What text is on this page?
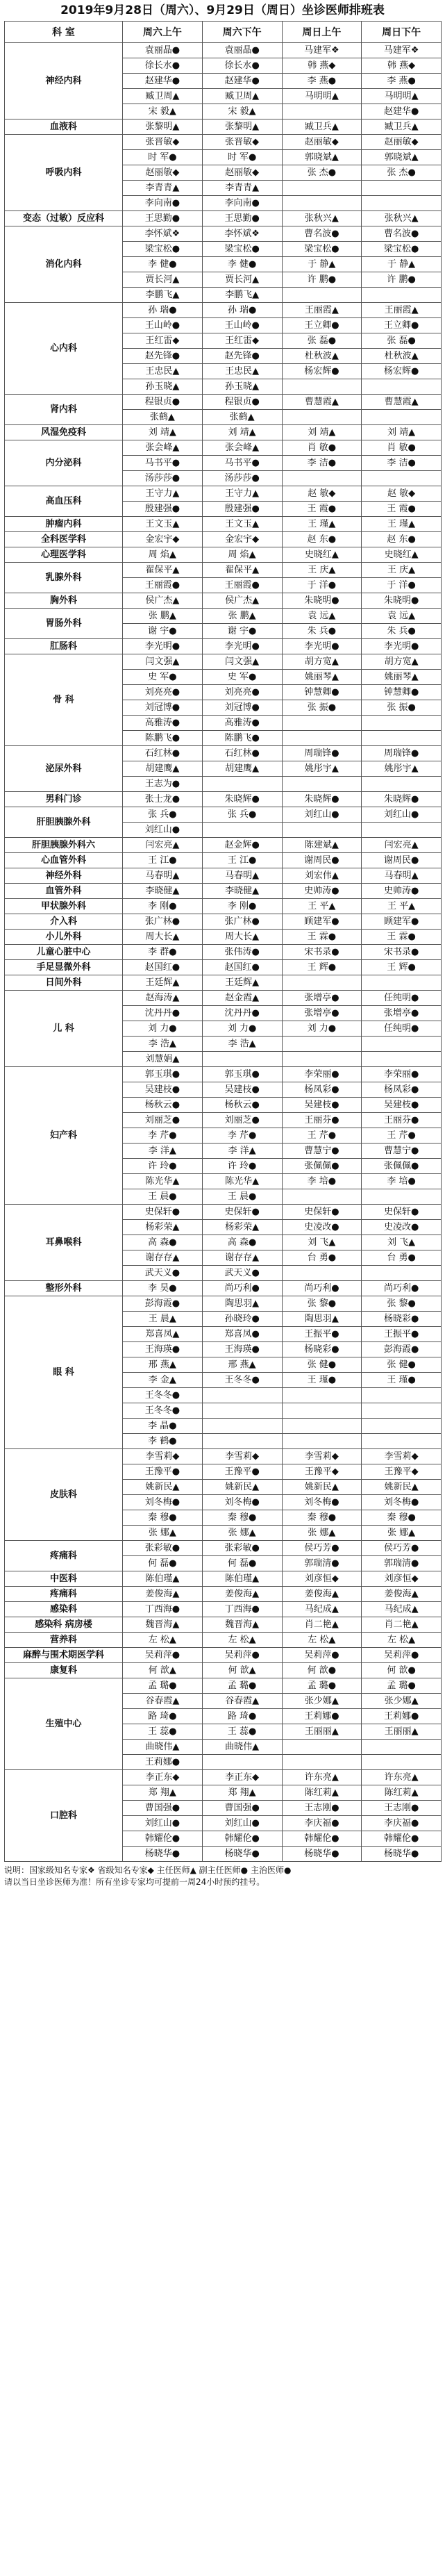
2019年9月28日（周六）、9月29日（周日）坐诊医师排班表
科 室	周六上午	周六下午	周日上午	周日下午
神经内科	袁丽晶●	袁丽晶●	马建军❖	马建军❖
	徐长水●	徐长水●	韩 燕◆	韩 燕◆
	赵建华●	赵建华●	李 燕●	李 燕●
	臧卫周▲	臧卫周▲	马明明▲	马明明▲
	宋 毅▲	宋 毅▲		赵建华●
血液科	张黎明▲	张黎明▲	臧卫兵▲	臧卫兵▲
呼吸内科	张晋敏◆	张晋敏◆	赵丽敏◆	赵丽敏◆
	时 军●	时 军●	郭晓斌▲	郭晓斌▲
	赵丽敏◆	赵丽敏◆	张 杰●	张 杰●
	李青青▲	李青青▲		
	李向南●	李向南●		
变态（过敏）反应科	王思勤●	王思勤●	张秋兴▲	张秋兴▲
消化内科	李怀斌❖	李怀斌❖	曹名波●	曹名波●
	梁宝松●	梁宝松●	梁宝松●	梁宝松●
	李 健●	李 健●	于 静▲	于 静▲
	贾长河▲	贾长河▲	许 鹏●	许 鹏●
	李鹏飞▲	李鹏飞▲		
心内科	孙 瑞●	孙 瑞●	王丽霞▲	王丽霞▲
	王山岭●	王山岭●	王立卿●	王立卿●
	王红雷◆	王红雷◆	张 磊●	张 磊●
	赵先锋●	赵先锋●	杜秋波▲	杜秋波▲
	王忠民▲	王忠民▲	杨宏辉●	杨宏辉●
	孙玉晓▲	孙玉晓▲		
肾内科	程银贞●	程银贞●	曹慧霞▲	曹慧霞▲
	张鹤▲	张鹤▲		
风湿免疫科	刘 靖▲	刘 靖▲	刘 靖▲	刘 靖▲
内分泌科	张会峰▲	张会峰▲	肖 敏●	肖 敏●
	马书平●	马书平●	李 洁●	李 洁●
	汤莎莎●	汤莎莎●		
高血压科	王守力▲	王守力▲	赵 敏◆	赵 敏◆
	殷建强●	殷建强●	王 霞●	王 霞●
肿瘤内科	王文玉▲	王文玉▲	王 瑾▲	王 瑾▲
全科医学科	金宏宇◆	金宏宇◆	赵 东●	赵 东●
心理医学科	周 焰▲	周 焰▲	史晓红▲	史晓红▲
乳腺外科	翟保平▲	翟保平▲	王 庆▲	王 庆▲
	王丽霞●	王丽霞●	于 洋●	于 洋●
胸外科	侯广杰▲	侯广杰▲	朱晓明●	朱晓明●
胃肠外科	张 鹏▲	张 鹏▲	袁 远▲	袁 远▲
	谢 宇●	谢 宇●	朱 兵●	朱 兵●
肛肠科	李光明●	李光明●	李光明●	李光明●
骨 科	闫文强▲	闫文强▲	胡方宽▲	胡方宽▲
	史 军●	史 军●	姚丽琴▲	姚丽琴▲
	刘亮亮●	刘亮亮●	钟慧卿●	钟慧卿●
	刘冠博●	刘冠博●	张 振●	张 振●
	高雅涛●	高雅涛●		
	陈鹏飞●	陈鹏飞●		
泌尿外科	石红林●	石红林●	周瑞锋●	周瑞锋●
	胡建鹰▲	胡建鹰▲	姚彤宇▲	姚彤宇▲
	王志为●			
男科门诊	张士龙●	朱晓辉●	朱晓辉●	朱晓辉●
肝胆胰腺外科	张 兵●	张 兵●	刘红山●	刘红山●
	刘红山●			
肝胆胰腺外科六	闫宏亮▲	赵金辉●	陈建斌▲	闫宏亮▲
心血管外科	王 江●	王 江●	谢周民●	谢周民●
神经外科	马春明▲	马春明▲	刘宏伟▲	马春明▲
血管外科	李晓健▲	李晓健▲	史帅涛●	史帅涛●
甲状腺外科	李 刚●	李 刚●	王 平▲	王 平▲
介入科	张广林●	张广林●	顾建军●	顾建军●
小儿外科	周大长▲	周大长▲	王 霖●	王 霖●
儿童心脏中心	李 群●	张伟涛●	宋书录●	宋书录●
手足显微外科	赵国红●	赵国红●	王 辉●	王 辉●
日间外科	王廷辉▲	王廷辉▲		
儿 科	赵海涛▲	赵金霞▲	张增亭●	任纯明●
	沈丹丹●	沈丹丹●	张增亭●	张增亭●
	刘 力●	刘 力●	刘 力●	任纯明●
	李 浩▲	李 浩▲		
	刘慧娟▲			
妇产科	郭玉琪●	郭玉琪●	李荣丽●	李荣丽●
	吴建枝●	吴建枝●	杨凤彩●	杨凤彩●
	杨秋云●	杨秋云●	吴建枝●	吴建枝●
	刘丽芝●	刘丽芝●	王丽芬●	王丽芬●
	李 芹●	李 芹●	王 芹●	王 芹●
	李 洋▲	李 洋▲	曹慧宁●	曹慧宁●
	许 玲●	许 玲●	张佩佩●	张佩佩●
	陈光华▲	陈光华▲	李 培●	李 培●
	王 晨●	王 晨●		
耳鼻喉科	史保轩●	史保轩●	史保轩●	史保轩●
	杨彩荣▲	杨彩荣▲	史凌改●	史凌改●
	高 森●	高 森●	刘 飞▲	刘 飞▲
	谢存存▲	谢存存▲	台 勇●	台 勇●
	武天义●	武天义●		
整形外科	李 昊●	尚巧利●	尚巧利●	尚巧利●
眼 科	彭海霞●	陶思羽▲	张 黎●	张 黎●
	王 晨▲	孙晓玲●	陶思羽▲	杨晓彩●
	郑喜凤▲	郑喜凤●	王振平●	王振平●
	王海瑛●	王海瑛●	杨晓彩●	彭海霞●
	邢 燕▲	邢 燕▲	张 健●	张 健●
	李 金▲	王冬冬●	王 瑾●	王 瑾●
	王冬冬●			
	王冬冬●			
	李 晶●			
	李 鹤●			
皮肤科	李雪莉◆	李雪莉◆	李雪莉◆	李雪莉◆
	王豫平●	王豫平●	王豫平◆	王豫平◆
	姚新民▲	姚新民▲	姚新民▲	姚新民▲
	刘冬梅●	刘冬梅●	刘冬梅●	刘冬梅●
	秦 穆●	秦 穆●	秦 穆●	秦 穆●
	张 娜▲	张 娜▲	张 娜▲	张 娜▲
疼痛科	张彩敏●	张彩敏●	侯巧芳●	侯巧芳●
	何 磊●	何 磊●	郭瑞清●	郭瑞清●
中医科	陈伯瑾▲	陈伯瑾▲	刘彦恒◆	刘彦恒◆
疼痛科	姜俊海▲	姜俊海▲	姜俊海▲	姜俊海▲
感染科	丁西海●	丁西海●	马纪成▲	马纪成▲
感染科 病房楼	魏晋海▲	魏晋海▲	肖二艳▲	肖二艳▲
营养科	左 松▲	左 松▲	左 松▲	左 松▲
麻醉与围术期医学科	吴莉萍●	吴莉萍●	吴莉萍●	吴莉萍●
康复科	何 歆▲	何 歆▲	何 歆●	何 歆●
生殖中心	孟 璐●	孟 璐●	孟 璐●	孟 璐●
	谷春霞▲	谷春霞▲	张少娜▲	张少娜▲
	路 琦●	路 琦●	王莉娜●	王莉娜●
	王 蕊●	王 蕊●	王丽丽▲	王丽丽▲
	曲晓伟▲	曲晓伟▲		
	王莉娜●			
口腔科	李正东◆	李正东◆	许东亮▲	许东亮▲
	郑 翔▲	郑 翔▲	陈红莉▲	陈红莉▲
	曹国强●	曹国强●	王志刚●	王志刚●
	刘红山●	刘红山●	李庆福●	李庆福●
	韩耀伦●	韩耀伦●	韩耀伦●	韩耀伦●
	杨晓华●	杨晓华●	杨晓华●	杨晓华●
说明：国家级知名专家❖ 省级知名专家◆ 主任医师▲ 副主任医师● 主治医师●
请以当日坐诊医师为准！所有坐诊专家均可提前一周24小时预约挂号。
